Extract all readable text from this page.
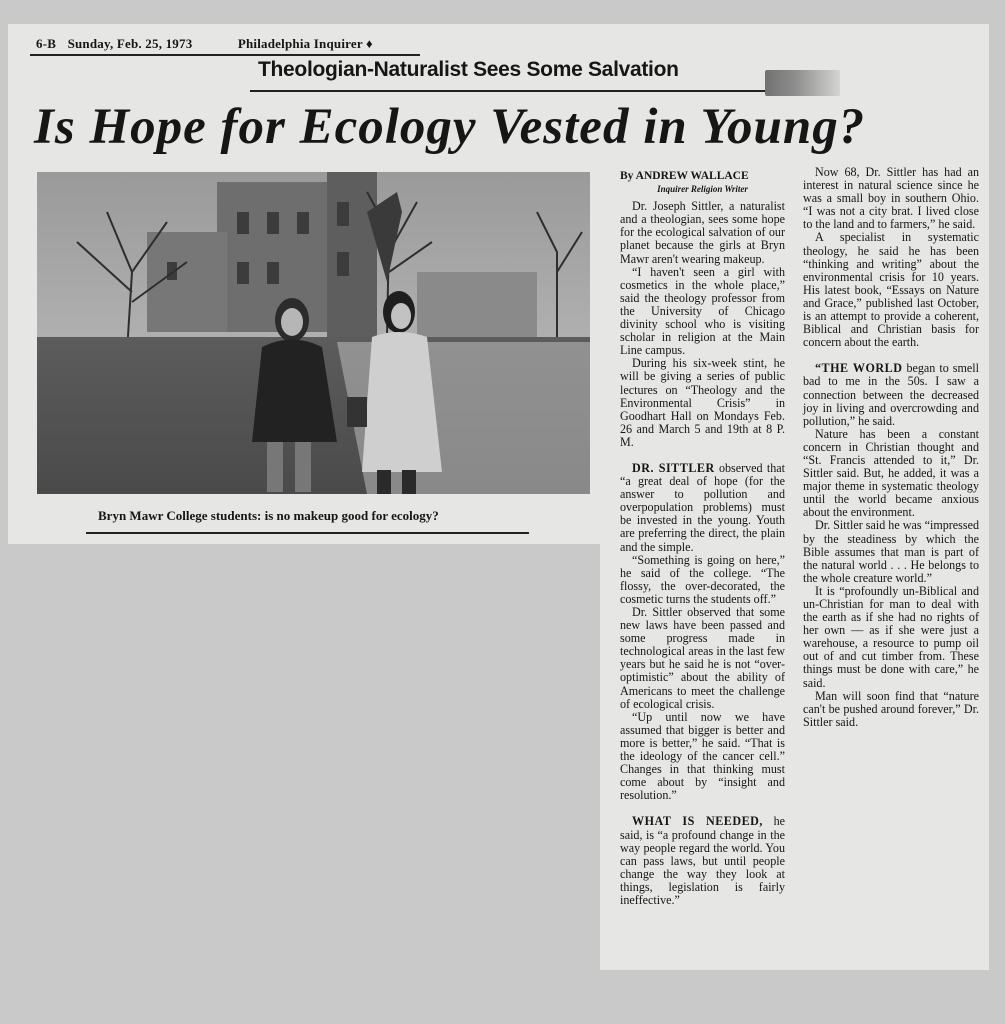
6-B Sunday, Feb. 25, 1973	Philadelphia Inquirer ♦
Theologian-Naturalist Sees Some Salvation
Is Hope for Ecology Vested in Young?
Bryn Mawr College students: is no makeup good for ecology?

By ANDREW WALLACE

Inquirer Religion Writer

Dr. Joseph Sittler, a naturalist and a theologian, sees some hope for the ecological salvation of our planet because the girls at Bryn Mawr aren't wearing makeup.

“I haven't seen a girl with cosmetics in the whole place,” said the theology professor from the University of Chicago divinity school who is visiting scholar in religion at the Main Line campus.

During his six-week stint, he will be giving a series of public lectures on “Theology and the Environmental Crisis” in Goodhart Hall on Mondays Feb. 26 and March 5 and 19th at 8 P. M.

DR. SITTLER observed that “a great deal of hope (for the answer to pollution and overpopulation problems) must be invested in the young. Youth are preferring the direct, the plain and the simple.

“Something is going on here,” he said of the college. “The flossy, the over-decorated, the cosmetic turns the students off.”

Dr. Sittler observed that some new laws have been passed and some progress made in technological areas in the last few years but he said he is not “over-optimistic” about the ability of Americans to meet the challenge of ecological crisis.

“Up until now we have assumed that bigger is better and more is better,” he said. “That is the ideology of the cancer cell.” Changes in that thinking must come about by “insight and resolution.”

WHAT IS NEEDED, he said, is “a profound change in the way people regard the world. You can pass laws, but until people change the way they look at things, legislation is fairly ineffective.”

Now 68, Dr. Sittler has had an interest in natural science since he was a small boy in southern Ohio. “I was not a city brat. I lived close to the land and to farmers,” he said.

A specialist in systematic theology, he said he has been “thinking and writing” about the environmental crisis for 10 years. His latest book, “Essays on Nature and Grace,” published last October, is an attempt to provide a coherent, Biblical and Christian basis for concern about the earth.

“THE WORLD began to smell bad to me in the 50s. I saw a connection between the decreased joy in living and overcrowding and pollution,” he said.

Nature has been a constant concern in Christian thought and “St. Francis attended to it,” Dr. Sittler said. But, he added, it was a major theme in systematic theology until the world became anxious about the environment.

Dr. Sittler said he was “impressed by the steadiness by which the Bible assumes that man is part of the natural world . . . He belongs to the whole creature world.”

It is “profoundly un-Biblical and un-Christian for man to deal with the earth as if she had no rights of her own — as if she were just a warehouse, a resource to pump oil out of and cut timber from. These things must be done with care,” he said.

Man will soon find that “nature can't be pushed around forever,” Dr. Sittler said.
